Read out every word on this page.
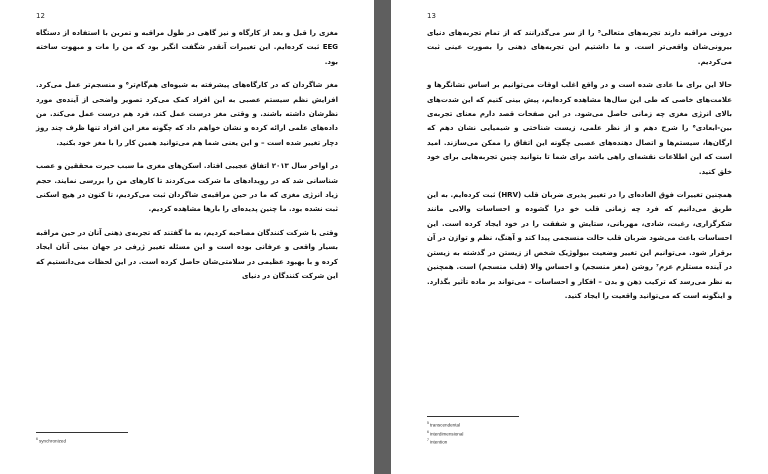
12

مغزی را قبل و بعد از کارگاه و نیز گاهی در طول مراقبه و تمرین با استفاده از دستگاه EEG ثبت کرده‌ایم. این تغییرات آنقدر شگفت انگیز بود که من را مات و مبهوت ساخته بود.

مغز شاگردان که در کارگاه‌های پیشرفته به شیوه‌ای هم‌گام‌تر⁶ و منسجم‌تر عمل می‌کرد. افزایش نظم سیستم عصبی به این افراد کمک می‌کرد تصویر واضحی از آینده‌ی مورد نظرشان داشته باشند. و وقتی مغز درست عمل کند، فرد هم درست عمل می‌کند. من داده‌های علمی ارائه کرده و نشان خواهم داد که چگونه مغز این افراد تنها ظرف چند روز دچار تغییر شده است – و این یعنی شما هم می‌توانید همین کار را با مغز خود بکنید.

در اواخر سال ۲۰۱۳ اتفاق عجیبی افتاد. اسکن‌های مغزی ما سبب حیرت محققین و عصب شناسانی شد که در رویدادهای ما شرکت می‌کردند تا کارهای من را بررسی نمایند. حجم زیاد انرژی مغزی که ما در حین مراقبه‌ی شاگردان ثبت می‌کردیم، تا کنون در هیچ اسکنی ثبت نشده بود. ما چنین پدیده‌ای را بارها مشاهده کردیم.

وقتی با شرکت کنندگان مصاحبه کردیم، به ما گفتند که تجربه‌ی ذهنی آنان در حین مراقبه بسیار واقعی و عرفانی بوده است و این مسئله تغییر ژرفی در جهان بینی آنان ایجاد کرده و با بهبود عظیمی در سلامتی‌شان حاصل کرده است. در این لحظات می‌دانستیم که این شرکت کنندگان در دنیای

$^6$synchronized
13

درونی مراقبه دارند تجربه‌های متعالی⁵ را از سر می‌گذرانند که از تمام تجربه‌های دنیای بیرونی‌شان واقعی‌تر است. و ما داشتیم این تجربه‌های ذهنی را بصورت عینی ثبت می‌کردیم.

حالا این برای ما عادی شده است و در واقع اغلب اوقات می‌توانیم بر اساس نشانگرها و علامت‌های خاصی که طی این سال‌ها مشاهده کرده‌ایم، پیش بینی کنیم که این شدت‌های بالای انرژی مغزی چه زمانی حاصل می‌شود. در این صفحات قصد دارم معنای تجربه‌ی بین-ابعادی⁶ را شرح دهم و از نظر علمی، زیست شناختی و شیمیایی نشان دهم که ارگان‌ها، سیستم‌ها و اتصال دهنده‌های عصبی چگونه این اتفاق را ممکن می‌سازند. امید است که این اطلاعات نقشه‌ای راهی باشد برای شما تا بتوانید چنین تجربه‌هایی برای خود خلق کنید.

همچنین تغییرات فوق العاده‌ای را در تغییر پذیری ضربان قلب (HRV) ثبت کرده‌ایم. به این طریق می‌دانیم که فرد چه زمانی قلب خو درا گشوده و احساسات والایی مانند شکرگزاری، رغبت، شادی، مهربانی، ستایش و شفقت را در خود ایجاد کرده است. این احساسات باعث می‌شود ضربان قلب حالت منسجمی پیدا کند و آهنگ، نظم و توازن در آن برقرار شود. می‌توانیم این تغییر وضعیت بیولوژیک شخص از زیستن در گذشته به زیستن در آینده مستلزم عزم⁷ روشن (مغز منسجم) و احساس والا (قلب منسجم) است. همچنین به نظر می‌رسد که ترکیب ذهن و بدن – افکار و احساسات – می‌تواند بر ماده تأثیر بگذارد. و اینگونه است که می‌توانید واقعیت را ایجاد کنید.

$^5$transcendental
$^6$interdimensional
$^7$intention
